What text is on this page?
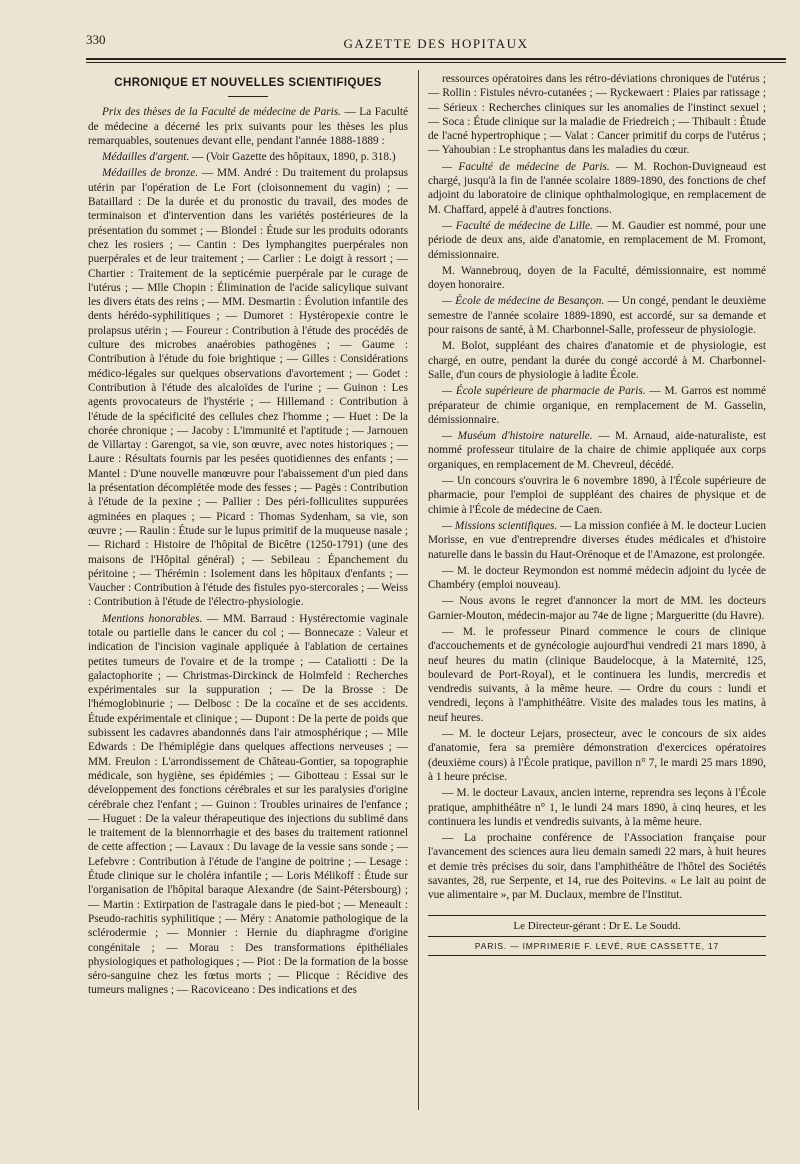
330	GAZETTE DES HOPITAUX
CHRONIQUE ET NOUVELLES SCIENTIFIQUES

Prix des thèses de la Faculté de médecine de Paris. — La Faculté de médecine a décerné les prix suivants pour les thèses les plus remarquables, soutenues devant elle, pendant l'année 1888-1889 :

Médailles d'argent. — (Voir Gazette des hôpitaux, 1890, p. 318.)

Médailles de bronze. — MM. André : Du traitement du prolapsus utérin par l'opération de Le Fort (cloisonnement du vagin) ; — Bataillard : De la durée et du pronostic du travail, des modes de terminaison et d'intervention dans les variétés postérieures de la présentation du sommet ; — Blondel : Étude sur les produits odorants chez les rosiers ; — Cantin : Des lymphangites puerpérales non puerpérales et de leur traitement ; — Carlier : Le doigt à ressort ; — Chartier : Traitement de la septicémie puerpérale par le curage de l'utérus ; — Mlle Chopin : Élimination de l'acide salicylique suivant les divers états des reins ; — MM. Desmartin : Évolution infantile des dents hérédo-syphilitiques ; — Dumoret : Hystéropexie contre le prolapsus utérin ; — Foureur : Contribution à l'étude des procédés de culture des microbes anaérobies pathogènes ; — Gaume : Contribution à l'étude du foie brightique ; — Gilles : Considérations médico-légales sur quelques observations d'avortement ; — Godet : Contribution à l'étude des alcaloïdes de l'urine ; — Guinon : Les agents provocateurs de l'hystérie ; — Hillemand : Contribution à l'étude de la spécificité des cellules chez l'homme ; — Huet : De la chorée chronique ; — Jacoby : L'immunité et l'aptitude ; — Jarnouen de Villartay : Garengot, sa vie, son œuvre, avec notes historiques ; — Laure : Résultats fournis par les pesées quotidiennes des enfants ; — Mantel : D'une nouvelle manœuvre pour l'abaissement d'un pied dans la présentation décomplétée mode des fesses ; — Pagès : Contribution à l'étude de la pexine ; — Pallier : Des péri-folliculites suppurées agminées en plaques ; — Picard : Thomas Sydenham, sa vie, son œuvre ; — Raulin : Étude sur le lupus primitif de la muqueuse nasale ; — Richard : Histoire de l'hôpital de Bicêtre (1250-1791) (une des maisons de l'Hôpital général) ; — Sebileau : Épanchement du péritoine ; — Thérémin : Isolement dans les hôpitaux d'enfants ; — Vaucher : Contribution à l'étude des fistules pyo-stercorales ; — Weiss : Contribution à l'étude de l'électro-physiologie.

Mentions honorables. — MM. Barraud : Hystérectomie vaginale totale ou partielle dans le cancer du col ; — Bonnecaze : Valeur et indication de l'incision vaginale appliquée à l'ablation de certaines petites tumeurs de l'ovaire et de la trompe ; — Cataliotti : De la galactophorite ; — Christmas-Dirckinck de Holmfeld : Recherches expérimentales sur la suppuration ; — De la Brosse : De l'hémoglobinurie ; — Delbosc : De la cocaïne et de ses accidents. Étude expérimentale et clinique ; — Dupont : De la perte de poids que subissent les cadavres abandonnés dans l'air atmosphérique ; — Mlle Edwards : De l'hémiplégie dans quelques affections nerveuses ; — MM. Freulon : L'arrondissement de Château-Gontier, sa topographie médicale, son hygiène, ses épidémies ; — Gibotteau : Essai sur le développement des fonctions cérébrales et sur les paralysies d'origine cérébrale chez l'enfant ; — Guinon : Troubles urinaires de l'enfance ; — Huguet : De la valeur thérapeutique des injections du sublimé dans le traitement de la blennorrhagie et des bases du traitement rationnel de cette affection ; — Lavaux : Du lavage de la vessie sans sonde ; — Lefebvre : Contribution à l'étude de l'angine de poitrine ; — Lesage : Étude clinique sur le choléra infantile ; — Loris Mélikoff : Étude sur l'organisation de l'hôpital baraque Alexandre (de Saint-Pétersbourg) ; — Martin : Extirpation de l'astragale dans le pied-bot ; — Meneault : Pseudo-rachitis syphilitique ; — Méry : Anatomie pathologique de la sclérodermie ; — Monnier : Hernie du diaphragme d'origine congénitale ; — Morau : Des transformations épithéliales physiologiques et pathologiques ; — Piot : De la formation de la bosse séro-sanguine chez les fœtus morts ; — Plicque : Récidive des tumeurs malignes ; — Racoviceano : Des indications et des

ressources opératoires dans les rétro-déviations chroniques de l'utérus ; — Rollin : Fistules névro-cutanées ; — Ryckewaert : Plaies par ratissage ; — Sérieux : Recherches cliniques sur les anomalies de l'instinct sexuel ; — Soca : Étude clinique sur la maladie de Friedreich ; — Thibault : Étude de l'acné hypertrophique ; — Valat : Cancer primitif du corps de l'utérus ; — Yahoubian : Le strophantus dans les maladies du cœur.

— Faculté de médecine de Paris. — M. Rochon-Duvigneaud est chargé, jusqu'à la fin de l'année scolaire 1889-1890, des fonctions de chef adjoint du laboratoire de clinique ophthalmologique, en remplacement de M. Chaffard, appelé à d'autres fonctions.

— Faculté de médecine de Lille. — M. Gaudier est nommé, pour une période de deux ans, aide d'anatomie, en remplacement de M. Fromont, démissionnaire.

M. Wannebrouq, doyen de la Faculté, démissionnaire, est nommé doyen honoraire.

— École de médecine de Besançon. — Un congé, pendant le deuxième semestre de l'année scolaire 1889-1890, est accordé, sur sa demande et pour raisons de santé, à M. Charbonnel-Salle, professeur de physiologie.

M. Bolot, suppléant des chaires d'anatomie et de physiologie, est chargé, en outre, pendant la durée du congé accordé à M. Charbonnel-Salle, d'un cours de physiologie à ladite École.

— École supérieure de pharmacie de Paris. — M. Garros est nommé préparateur de chimie organique, en remplacement de M. Gasselin, démissionnaire.

— Muséum d'histoire naturelle. — M. Arnaud, aide-naturaliste, est nommé professeur titulaire de la chaire de chimie appliquée aux corps organiques, en remplacement de M. Chevreul, décédé.

— Un concours s'ouvrira le 6 novembre 1890, à l'École supérieure de pharmacie, pour l'emploi de suppléant des chaires de physique et de chimie à l'École de médecine de Caen.

— Missions scientifiques. — La mission confiée à M. le docteur Lucien Morisse, en vue d'entreprendre diverses études médicales et d'histoire naturelle dans le bassin du Haut-Orénoque et de l'Amazone, est prolongée.

— M. le docteur Reymondon est nommé médecin adjoint du lycée de Chambéry (emploi nouveau).

— Nous avons le regret d'annoncer la mort de MM. les docteurs Garnier-Mouton, médecin-major au 74e de ligne ; Margueritte (du Havre).

— M. le professeur Pinard commence le cours de clinique d'accouchements et de gynécologie aujourd'hui vendredi 21 mars 1890, à neuf heures du matin (clinique Baudelocque, à la Maternité, 125, boulevard de Port-Royal), et le continuera les lundis, mercredis et vendredis suivants, à la même heure. — Ordre du cours : lundi et vendredi, leçons à l'amphithéâtre. Visite des malades tous les matins, à neuf heures.

— M. le docteur Lejars, prosecteur, avec le concours de six aides d'anatomie, fera sa première démonstration d'exercices opératoires (deuxième cours) à l'École pratique, pavillon n° 7, le mardi 25 mars 1890, à 1 heure précise.

— M. le docteur Lavaux, ancien interne, reprendra ses leçons à l'École pratique, amphithéâtre n° 1, le lundi 24 mars 1890, à cinq heures, et les continuera les lundis et vendredis suivants, à la même heure.

— La prochaine conférence de l'Association française pour l'avancement des sciences aura lieu demain samedi 22 mars, à huit heures et demie très précises du soir, dans l'amphithéâtre de l'hôtel des Sociétés savantes, 28, rue Serpente, et 14, rue des Poitevins. « Le lait au point de vue alimentaire », par M. Duclaux, membre de l'Institut.

Le Directeur-gérant : Dr E. Le Soudd.
PARIS. — IMPRIMERIE F. LEVÉ, RUE CASSETTE, 17
